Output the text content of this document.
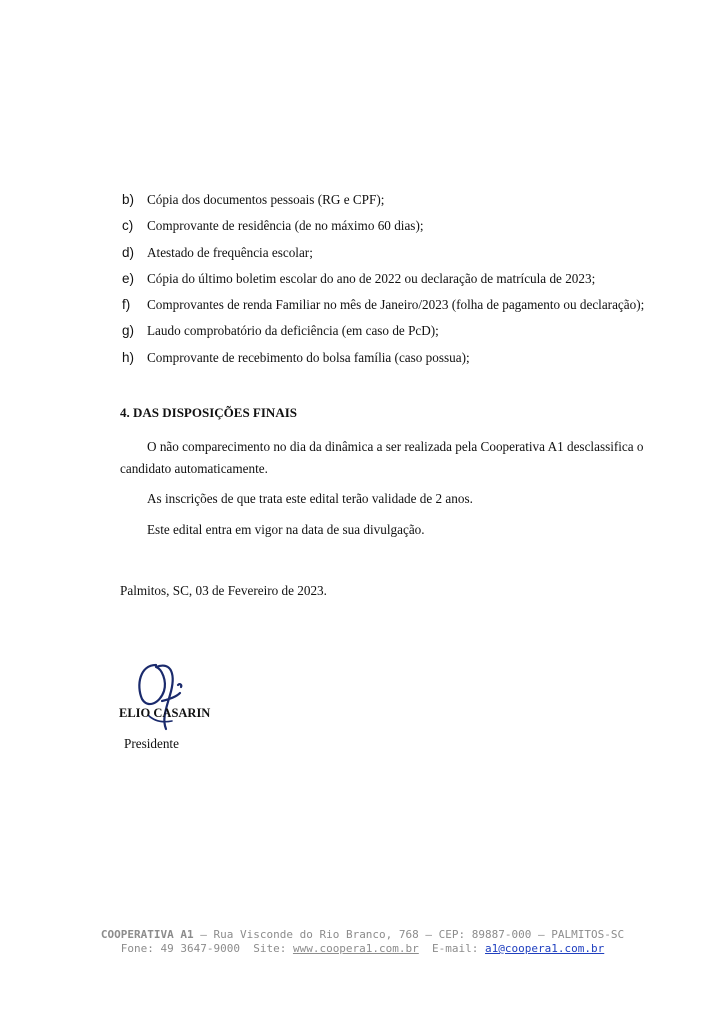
b) Cópia dos documentos pessoais (RG e CPF);
c)	Comprovante de residência (de no máximo 60 dias);
d) Atestado de frequência escolar;
e) Cópia do último boletim escolar do ano de 2022 ou declaração de matrícula de 2023;
f)	Comprovantes de renda Familiar no mês de Janeiro/2023 (folha de pagamento ou declaração);
g) Laudo comprobatório da deficiência (em caso de PcD);
h) Comprovante de recebimento do bolsa família (caso possua);
4. DAS DISPOSIÇÕES FINAIS
O não comparecimento no dia da dinâmica a ser realizada pela Cooperativa A1 desclassifica o
candidato automaticamente.
As inscrições de que trata este edital terão validade de 2 anos.
Este edital entra em vigor na data de sua divulgação.
Palmitos, SC, 03 de Fevereiro de 2023.
ELIO CASARIN
Presidente
COOPERATIVA A1 – Rua Visconde do Rio Branco, 768 – CEP: 89887-000 – PALMITOS-SC
Fone: 49 3647-9000 Site: www.coopera1.com.br E-mail: a1@coopera1.com.br
